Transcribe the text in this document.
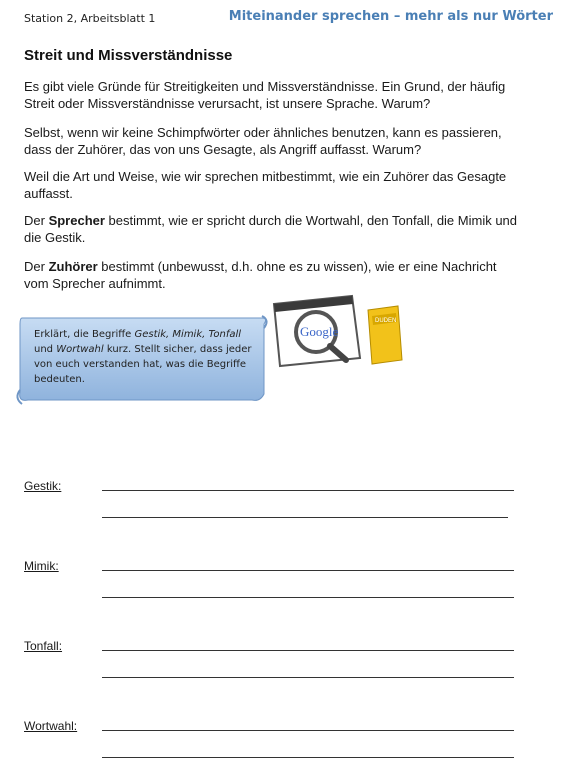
Station 2, Arbeitsblatt 1	Miteinander sprechen – mehr als nur Wörter
Streit und Missverständnisse
Es gibt viele Gründe für Streitigkeiten und Missverständnisse. Ein Grund, der häufig Streit oder Missverständnisse verursacht, ist unsere Sprache. Warum?
Selbst, wenn wir keine Schimpfwörter oder ähnliches benutzen, kann es passieren, dass der Zuhörer, das von uns Gesagte, als Angriff auffasst. Warum?
Weil die Art und Weise, wie wir sprechen mitbestimmt, wie ein Zuhörer das Gesagte auffasst.
Der Sprecher bestimmt, wie er spricht durch die Wortwahl, den Tonfall, die Mimik und die Gestik.
Der Zuhörer bestimmt (unbewusst, d.h. ohne es zu wissen), wie er eine Nachricht vom Sprecher aufnimmt.
Erklärt, die Begriffe Gestik, Mimik, Tonfall und Wortwahl kurz. Stellt sicher, dass jeder von euch verstanden hat, was die Begriffe bedeuten.
Google
DUDEN
Gestik:
Mimik:
Tonfall:
Wortwahl:
